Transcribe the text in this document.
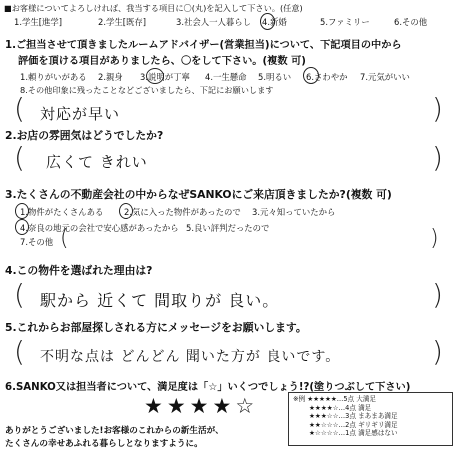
■お客様についてよろしければ、我当する項目に〇(丸)を記入して下さい。(任意)
1.学生[進学]	2.学生[既存]	3.社会人一人暮らし 4.新婚	5.ファミリー	6.その他
1.ご担当させて頂きましたルームアドバイザー(営業担当)について、下記項目の中から
評価を頂ける項目がありましたら、〇をして下さい。(複数 可)
1.頼りがいがある 2.親身 3.説明が丁寧 4.一生懸命 5.明るい 6.さわやか 7.元気がいい
8.その他印象に残ったことなどございましたら、下記にお願いします
( 対応が早い	)
2.お店の雰囲気はどうでしたか?
( 広くて きれい	)
3.たくさんの不動産会社の中からなぜSANKOにご来店頂きましたか?(複数 可)
1.物件がたくさんある 2.気に入った物件があったので 3.元々知っていたから
4.奈良の地元の会社で安心感があったから 5.良い評判だったので
7.その他 (	)
4.この物件を選ばれた理由は?
( 駅から 近くて 間取りが 良い。	)
5.これからお部屋探しされる方にメッセージをお願いします。
( 不明な点は どんどん 聞いた方が 良いです。	)
6.SANKO又は担当者について、満足度は「☆」いくつでしょう!?(塗りつぶして下さい)
★★★★☆	※例 ★★★★★…5点 大満足
★★★★☆…4点 満足
★★★☆☆…3点 まあまあ満足
★★☆☆☆…2点 ギリギリ満足
★☆☆☆☆…1点 満足感はない
ありがとうございました!お客様のこれからの新生活が、
たくさんの幸せあふれる暮らしとなりますように。
